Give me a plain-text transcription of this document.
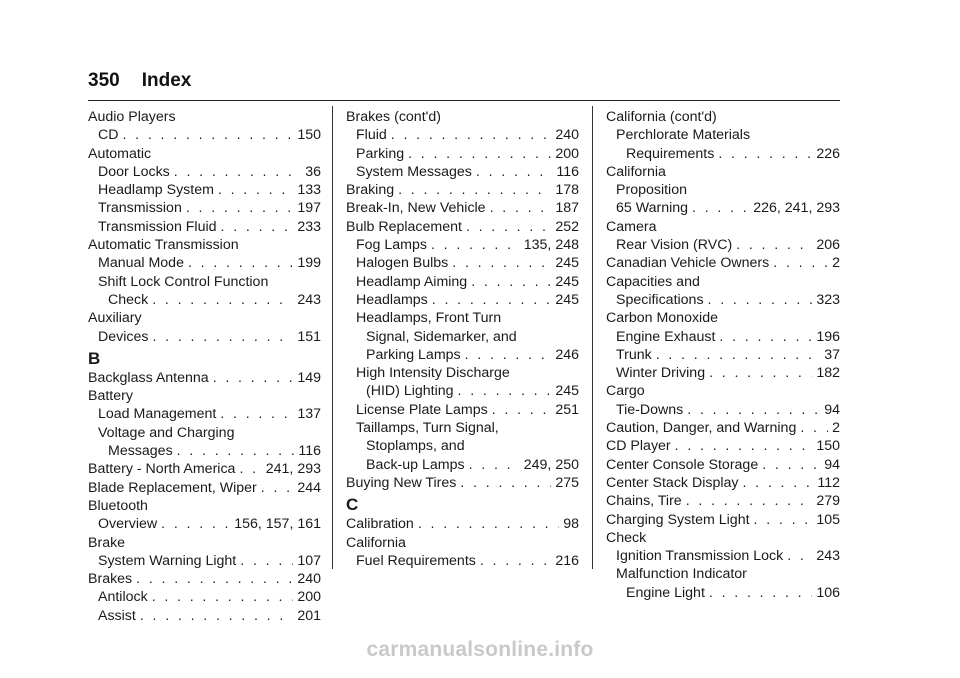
350 Index
Audio Players
CD . . .	150
Automatic
Door Locks . . .	36
Headlamp System . . .	133
Transmission . . .	197
Transmission Fluid . . .	233
Automatic Transmission
Manual Mode . . .	199
Shift Lock Control Function
Check . . .	243
Auxiliary
Devices . . .	151
B
Backglass Antenna . . .	149
Battery
Load Management . . .	137
Voltage and Charging
Messages . . .	116
Battery - North America . . . 241, 293
Blade Replacement, Wiper . . .	244
Bluetooth
Overview . . .	156, 157, 161
Brake
System Warning Light . . .	107
Brakes . . .	240
Antilock . . .	200
Assist . . .	201
Brakes (cont'd)
Fluid . . .	240
Parking . . .	200
System Messages . . .	116
Braking . . .	178
Break-In, New Vehicle . . .	187
Bulb Replacement . . .	252
Fog Lamps . . .	135, 248
Halogen Bulbs . . .	245
Headlamp Aiming . . .	245
Headlamps . . .	245
Headlamps, Front Turn
Signal, Sidemarker, and
Parking Lamps . . .	246
High Intensity Discharge
(HID) Lighting . . .	245
License Plate Lamps . . .	251
Taillamps, Turn Signal,
Stoplamps, and
Back-up Lamps . . .	249, 250
Buying New Tires . . .	275
C
Calibration . . .	98
California
Fuel Requirements . . .	216
California (cont'd)
Perchlorate Materials
Requirements . . .	226
California
Proposition
65 Warning . . .	226, 241, 293
Camera
Rear Vision (RVC) . . .	206
Canadian Vehicle Owners . . .	2
Capacities and
Specifications . . .	323
Carbon Monoxide
Engine Exhaust . . .	196
Trunk . . .	37
Winter Driving . . .	182
Cargo
Tie-Downs . . .	94
Caution, Danger, and Warning . . .	2
CD Player . . .	150
Center Console Storage . . .	94
Center Stack Display . . .	112
Chains, Tire . . .	279
Charging System Light . . .	105
Check
Ignition Transmission Lock . . . 243
Malfunction Indicator
Engine Light . . .	106
carmanualsonline.info
